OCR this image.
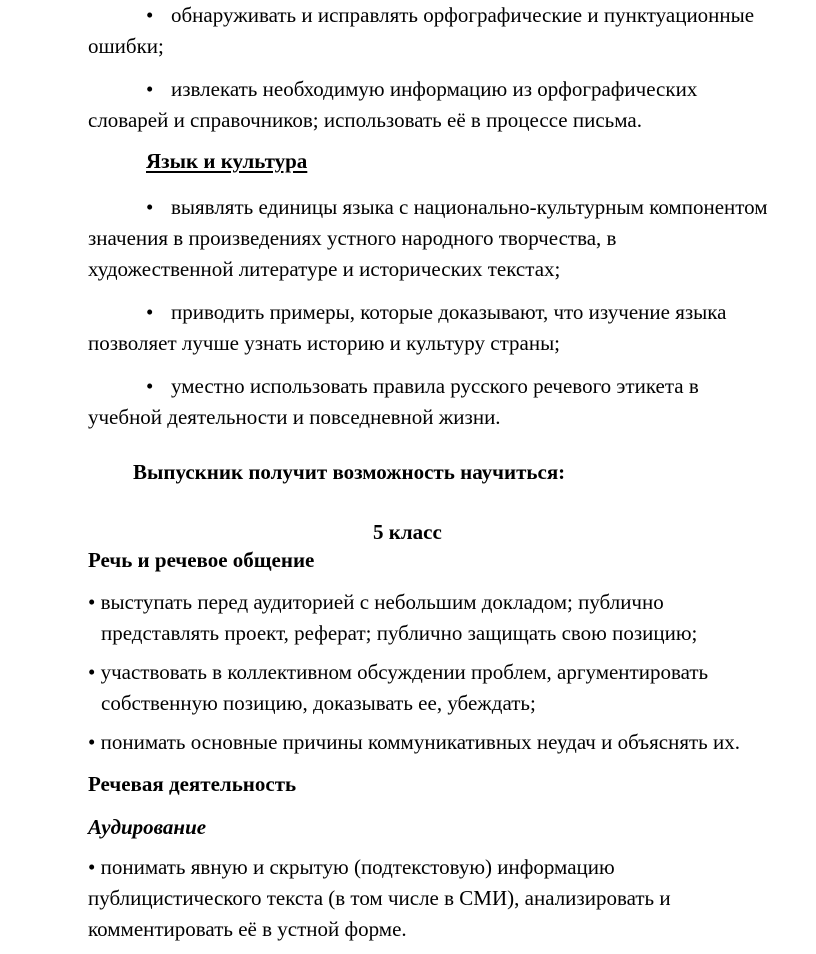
• обнаруживать и исправлять орфографические и пунктуационные
ошибки;
• извлекать необходимую информацию из орфографических
словарей и справочников; использовать её в процессе письма.
Язык и культура
• выявлять единицы языка с национально-культурным компонентом
значения в произведениях устного народного творчества, в
художественной литературе и исторических текстах;
• приводить примеры, которые доказывают, что изучение языка
позволяет лучше узнать историю и культуру страны;
• уместно использовать правила русского речевого этикета в
учебной деятельности и повседневной жизни.
Выпускник получит возможность научиться:
5 класс
Речь и речевое общение
• выступать перед аудиторией с небольшим докладом; публично
представлять проект, реферат; публично защищать свою позицию;
• участвовать в коллективном обсуждении проблем, аргументировать
собственную позицию, доказывать ее, убеждать;
• понимать основные причины коммуникативных неудач и объяснять их.
Речевая деятельность
Аудирование
• понимать явную и скрытую (подтекстовую) информацию
публицистического текста (в том числе в СМИ), анализировать и
комментировать её в устной форме.
